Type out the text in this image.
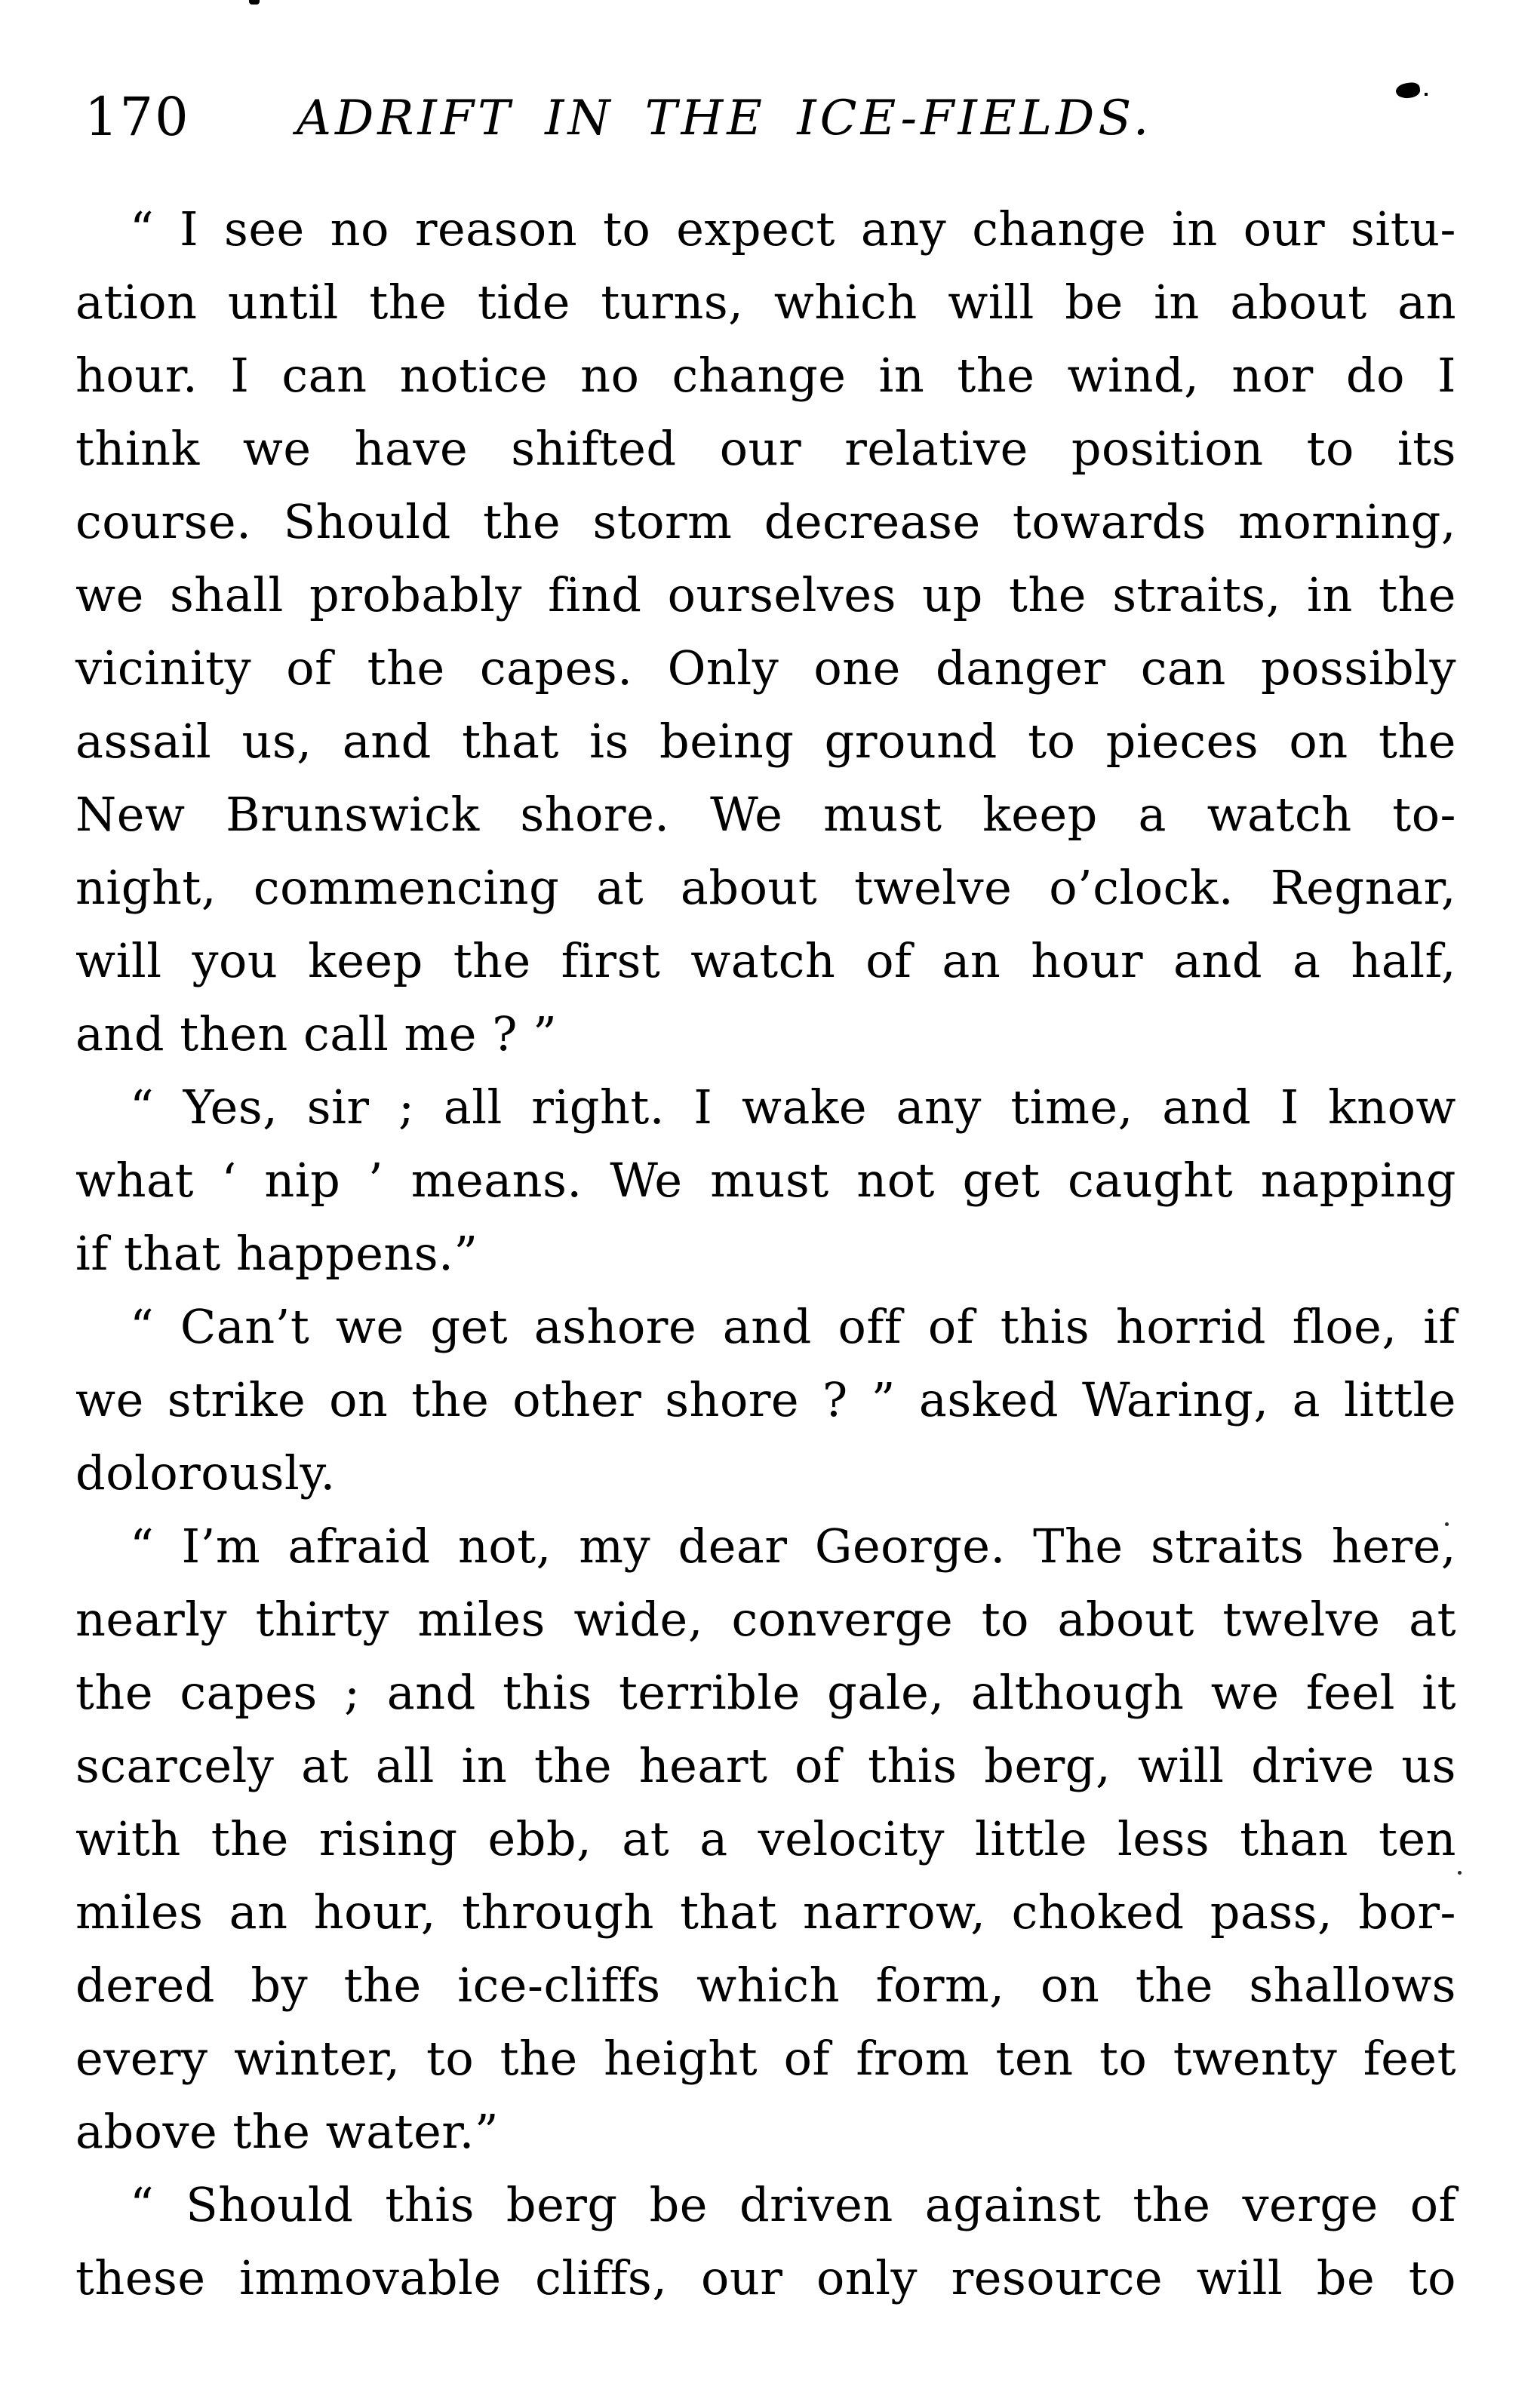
170	ADRIFT IN THE ICE-FIELDS.
“ I see no reason to expect any change in our situ-
ation until the tide turns, which will be in about an
hour. I can notice no change in the wind, nor do I
think we have shifted our relative position to its
course. Should the storm decrease towards morning,
we shall probably find ourselves up the straits, in the
vicinity of the capes. Only one danger can possibly
assail us, and that is being ground to pieces on the
New Brunswick shore. We must keep a watch to-
night, commencing at about twelve o’clock. Regnar,
will you keep the first watch of an hour and a half,
and then call me ? ”
“ Yes, sir ; all right. I wake any time, and I know
what ‘ nip ’ means. We must not get caught napping
if that happens.”
“ Can’t we get ashore and off of this horrid floe, if
we strike on the other shore ? ” asked Waring, a little
dolorously.
“ I’m afraid not, my dear George. The straits here,
nearly thirty miles wide, converge to about twelve at
the capes ; and this terrible gale, although we feel it
scarcely at all in the heart of this berg, will drive us
with the rising ebb, at a velocity little less than ten
miles an hour, through that narrow, choked pass, bor-
dered by the ice-cliffs which form, on the shallows
every winter, to the height of from ten to twenty feet
above the water.”
“ Should this berg be driven against the verge of
these immovable cliffs, our only resource will be to
